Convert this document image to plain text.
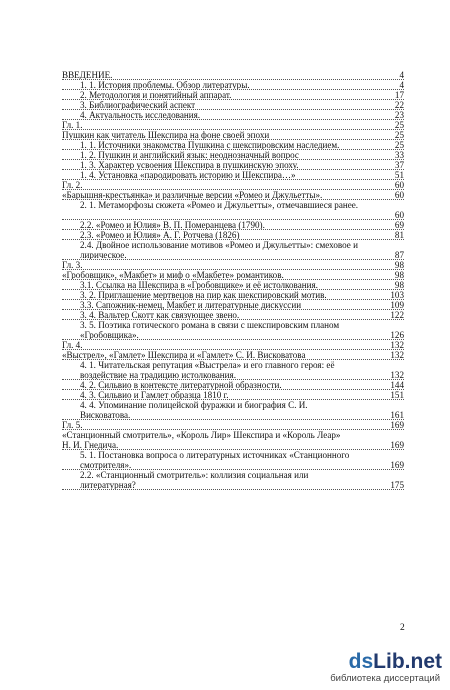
ВВЕДЕНИЕ.	4
1. 1. История проблемы. Обзор литературы.	4
2. Методология и понятийный аппарат.	17
3. Библиографический аспект	22
4. Актуальность исследования.	23
Гл. 1.	25
Пушкин как читатель Шекспира на фоне своей эпохи	25
1. 1. Источники знакомства Пушкина с шекспировским наследием.	25
1. 2. Пушкин и английский язык: неоднозначный вопрос	33
1. 3. Характер усвоения Шекспира в пушкинскую эпоху.	37
1. 4. Установка «пародировать историю и Шекспира…»	51
Гл. 2.	60
«Барышня-крестьянка» и различные версии «Ромео и Джульетты».	60
2. 1. Метаморфозы сюжета «Ромео и Джульетты», отмечавшиеся ранее.
60
2.2. «Ромео и Юлия» В. П. Померанцева (1790).	69
2.3. «Ромео и Юлия» А. Г. Ротчева (1826)	81
2.4. Двойное использование мотивов «Ромео и Джульетты»: смеховое и
лирическое.	87
Гл. 3.	98
«Гробовщик», «Макбет» и миф о «Макбете» романтиков.	98
3.1. Ссылка на Шекспира в «Гробовщике» и её истолкования.	98
3. 2. Приглашение мертвецов на пир как шекспировский мотив.	103
3.3. Сапожник-немец, Макбет и литературные дискуссии	109
3. 4. Вальтер Скотт как связующее звено.	122
3. 5. Поэтика готического романа в связи с шекспировским планом
«Гробовщика».	126
Гл. 4.	132
«Выстрел», «Гамлет» Шекспира и «Гамлет» С. И. Висковатова	132
4. 1. Читательская репутация «Выстрела» и его главного героя: её
воздействие на традицию истолкования.	132
4. 2. Сильвио в контексте литературной образности.	144
4. 3. Сильвио и Гамлет образца 1810 г.	151
4. 4. Упоминание полицейской фуражки и биография С. И.
Висковатова.	161
Гл. 5.	169
«Станционный смотритель», «Король Лир» Шекспира и «Король Леар»
Н. И. Гнедича.	169
5. 1. Постановка вопроса о литературных источниках «Станционного
смотрителя».	169
2.2. «Станционный смотритель»: коллизия социальная или
литературная?	175
2
dsLib.net
библиотека диссертаций
